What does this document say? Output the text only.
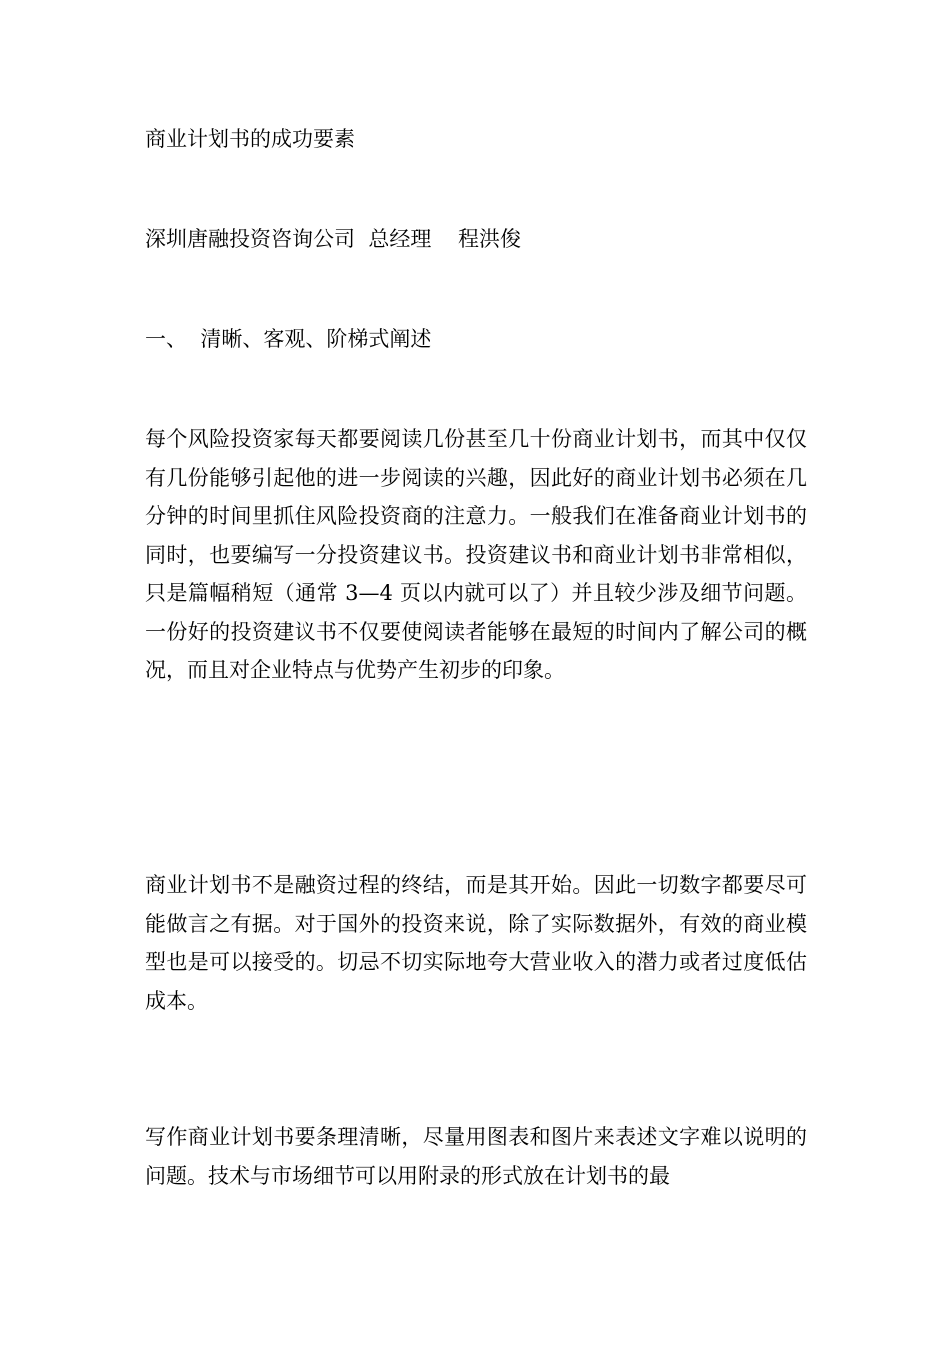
商业计划书的成功要素
深圳唐融投资咨询公司  总经理    程洪俊
一、  清晰、客观、阶梯式阐述

每个风险投资家每天都要阅读几份甚至几十份商业计划书，而其中仅仅有几份能够引起他的进一步阅读的兴趣，因此好的商业计划书必须在几分钟的时间里抓住风险投资商的注意力。一般我们在准备商业计划书的同时，也要编写一分投资建议书。投资建议书和商业计划书非常相似，只是篇幅稍短（通常 3—4 页以内就可以了）并且较少涉及细节问题。一份好的投资建议书不仅要使阅读者能够在最短的时间内了解公司的概况，而且对企业特点与优势产生初步的印象。

商业计划书不是融资过程的终结，而是其开始。因此一切数字都要尽可能做言之有据。对于国外的投资来说，除了实际数据外，有效的商业模型也是可以接受的。切忌不切实际地夸大营业收入的潜力或者过度低估成本。

写作商业计划书要条理清晰，尽量用图表和图片来表述文字难以说明的问题。技术与市场细节可以用附录的形式放在计划书的最
